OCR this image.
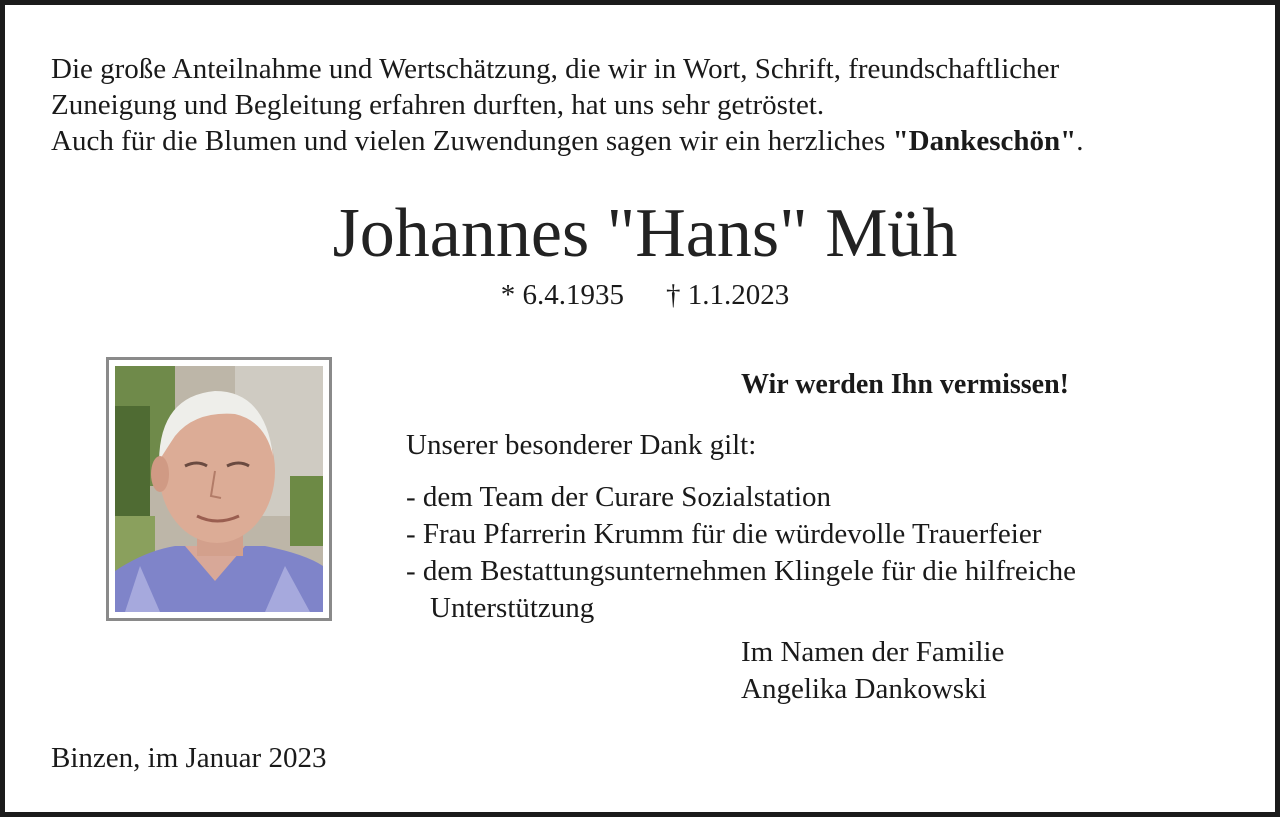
Die große Anteilnahme und Wertschätzung, die wir in Wort, Schrift, freundschaftlicher
Zuneigung und Begleitung erfahren durften, hat uns sehr getröstet.
Auch für die Blumen und vielen Zuwendungen sagen wir ein herzliches "Dankeschön".
Johannes "Hans" Müh
* 6.4.1935 † 1.1.2023
Wir werden Ihn vermissen!
Unserer besonderer Dank gilt:
- dem Team der Curare Sozialstation
- Frau Pfarrerin Krumm für die würdevolle Trauerfeier
- dem Bestattungsunternehmen Klingele für die hilfreiche
Unterstützung
Im Namen der Familie
Angelika Dankowski
Binzen, im Januar 2023
